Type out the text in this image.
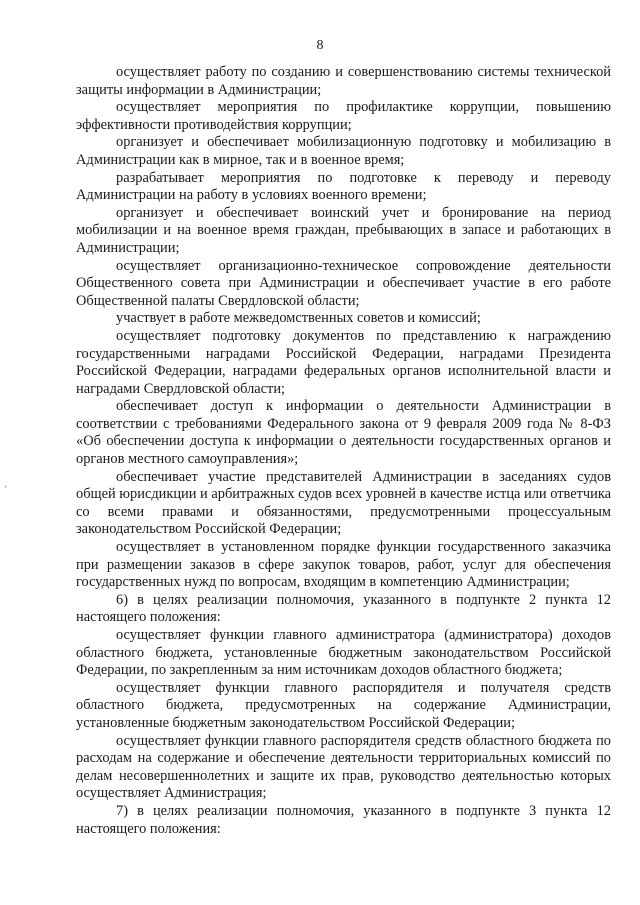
8
'

осуществляет работу по созданию и совершенствованию системы технической защиты информации в Администрации;

осуществляет мероприятия по профилактике коррупции, повышению эффективности противодействия коррупции;

организует и обеспечивает мобилизационную подготовку и мобилизацию в Администрации как в мирное, так и в военное время;

разрабатывает мероприятия по подготовке к переводу и переводу Администрации на работу в условиях военного времени;

организует и обеспечивает воинский учет и бронирование на период мобилизации и на военное время граждан, пребывающих в запасе и работающих в Администрации;

осуществляет организационно-техническое сопровождение деятельности Общественного совета при Администрации и обеспечивает участие в его работе Общественной палаты Свердловской области;

участвует в работе межведомственных советов и комиссий;

осуществляет подготовку документов по представлению к награждению государственными наградами Российской Федерации, наградами Президента Российской Федерации, наградами федеральных органов исполнительной власти и наградами Свердловской области;

обеспечивает доступ к информации о деятельности Администрации в соответствии с требованиями Федерального закона от 9 февраля 2009 года № 8-ФЗ «Об обеспечении доступа к информации о деятельности государственных органов и органов местного самоуправления»;

обеспечивает участие представителей Администрации в заседаниях судов общей юрисдикции и арбитражных судов всех уровней в качестве истца или ответчика со всеми правами и обязанностями, предусмотренными процессуальным законодательством Российской Федерации;

осуществляет в установленном порядке функции государственного заказчика при размещении заказов в сфере закупок товаров, работ, услуг для обеспечения государственных нужд по вопросам, входящим в компетенцию Администрации;

6) в целях реализации полномочия, указанного в подпункте 2 пункта 12 настоящего положения:

осуществляет функции главного администратора (администратора) доходов областного бюджета, установленные бюджетным законодательством Российской Федерации, по закрепленным за ним источникам доходов областного бюджета;

осуществляет функции главного распорядителя и получателя средств областного бюджета, предусмотренных на содержание Администрации, установленные бюджетным законодательством Российской Федерации;

осуществляет функции главного распорядителя средств областного бюджета по расходам на содержание и обеспечение деятельности территориальных комиссий по делам несовершеннолетних и защите их прав, руководство деятельностью которых осуществляет Администрация;

7) в целях реализации полномочия, указанного в подпункте 3 пункта 12 настоящего положения:
